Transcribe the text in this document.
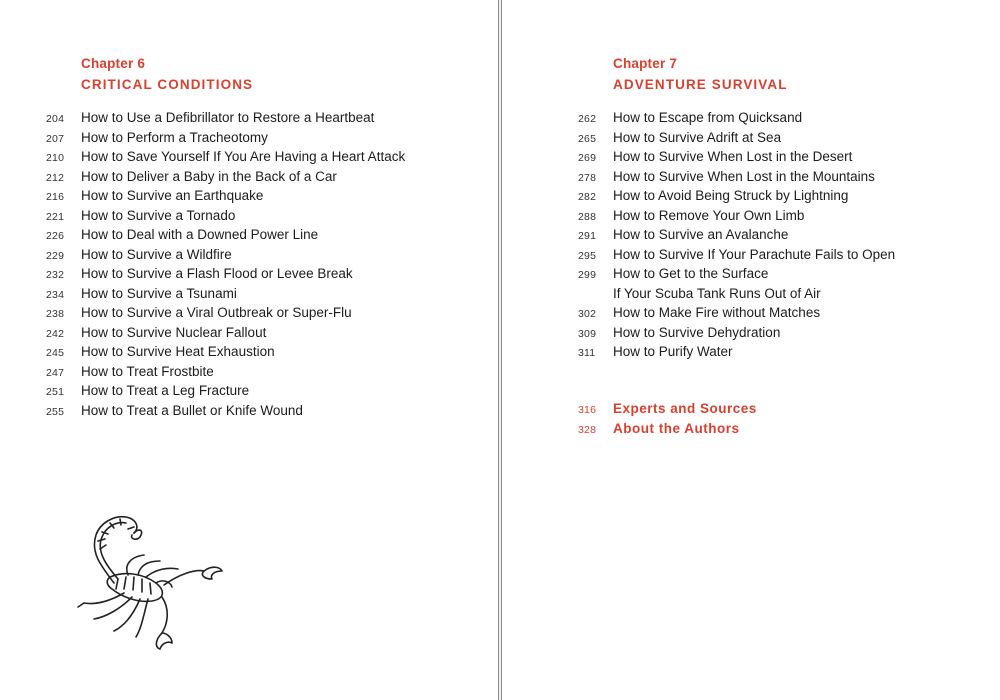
Chapter 6
CRITICAL CONDITIONS
204	How to Use a Defibrillator to Restore a Heartbeat
207	How to Perform a Tracheotomy
210	How to Save Yourself If You Are Having a Heart Attack
212	How to Deliver a Baby in the Back of a Car
216	How to Survive an Earthquake
221	How to Survive a Tornado
226	How to Deal with a Downed Power Line
229	How to Survive a Wildfire
232	How to Survive a Flash Flood or Levee Break
234	How to Survive a Tsunami
238	How to Survive a Viral Outbreak or Super-Flu
242	How to Survive Nuclear Fallout
245	How to Survive Heat Exhaustion
247	How to Treat Frostbite
251	How to Treat a Leg Fracture
255	How to Treat a Bullet or Knife Wound
Chapter 7
ADVENTURE SURVIVAL
262	How to Escape from Quicksand
265	How to Survive Adrift at Sea
269	How to Survive When Lost in the Desert
278	How to Survive When Lost in the Mountains
282	How to Avoid Being Struck by Lightning
288	How to Remove Your Own Limb
291	How to Survive an Avalanche
295	How to Survive If Your Parachute Fails to Open
299	How to Get to the Surface
If Your Scuba Tank Runs Out of Air
302	How to Make Fire without Matches
309	How to Survive Dehydration
311	How to Purify Water
316	Experts and Sources
328	About the Authors
